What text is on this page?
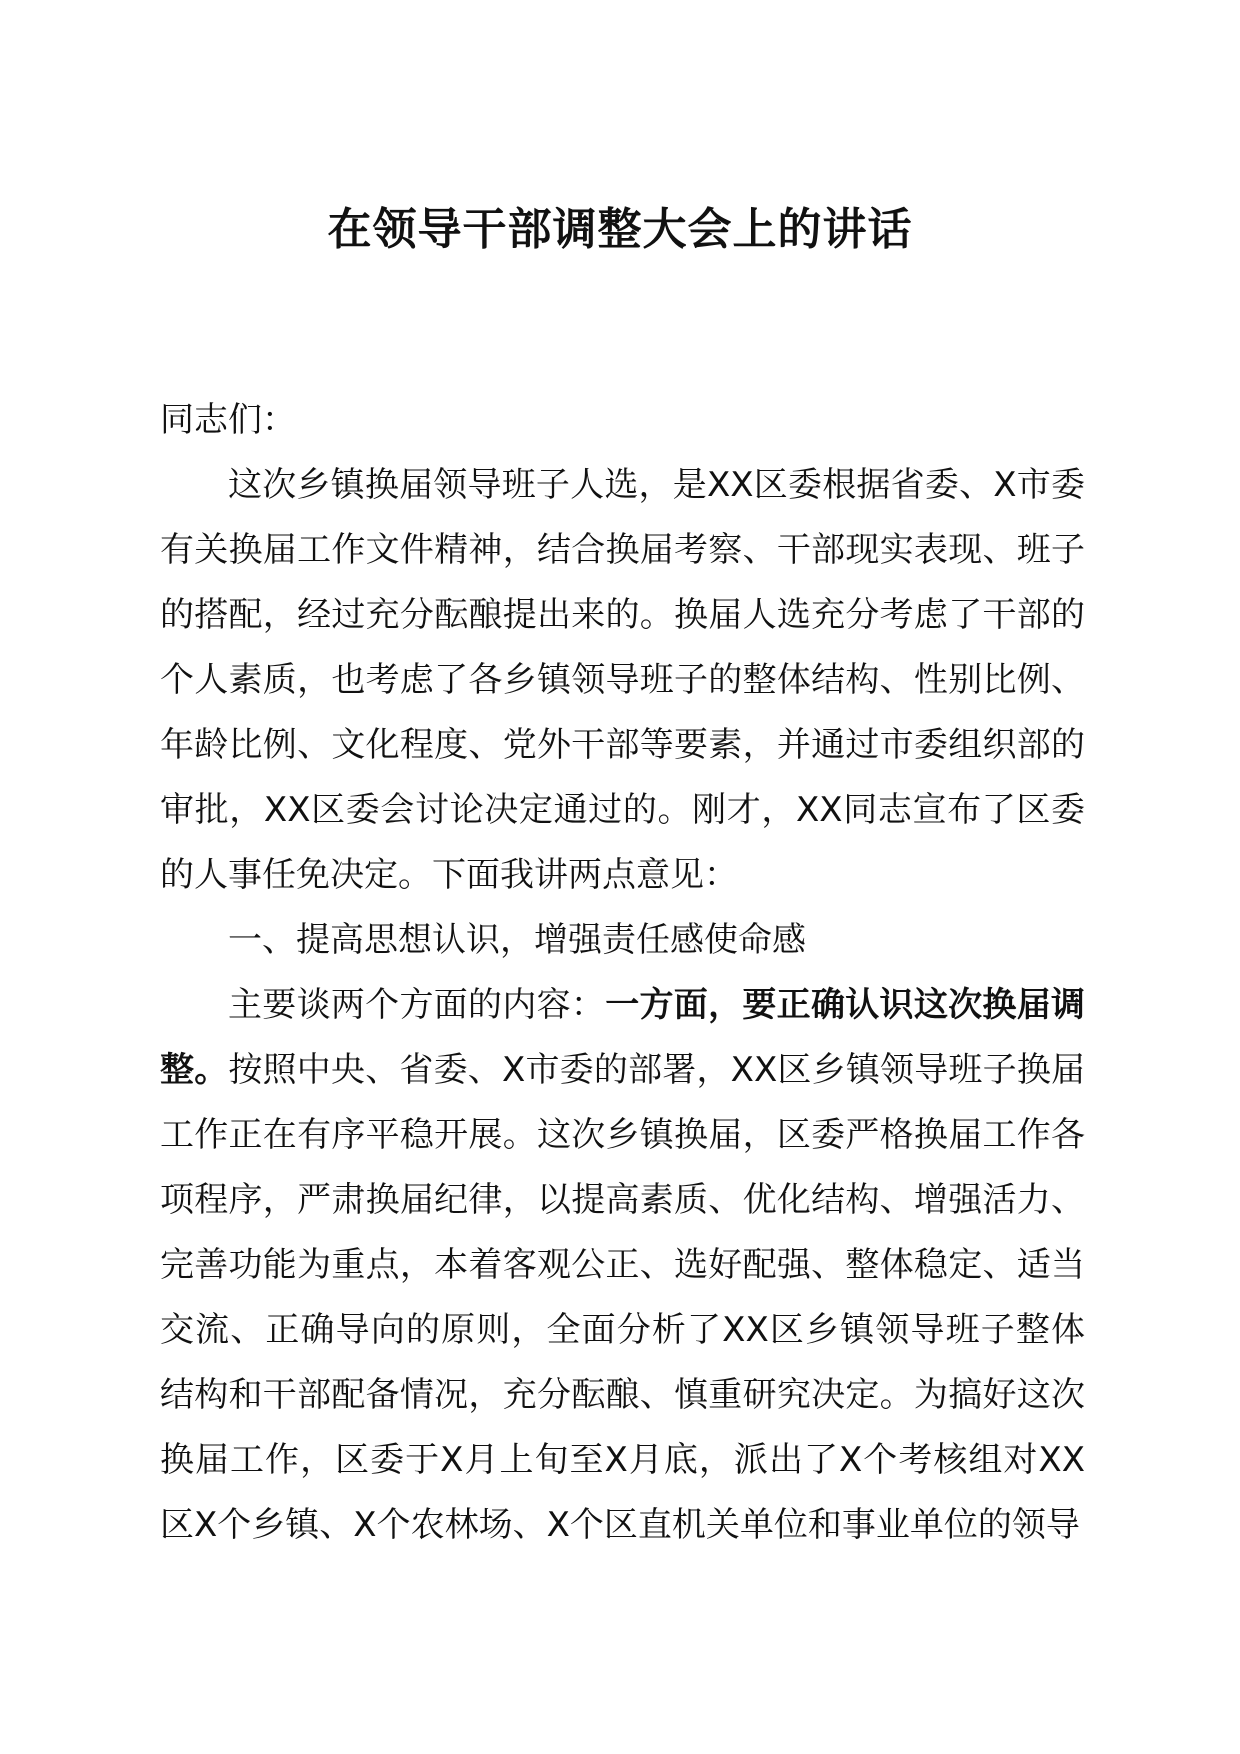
在领导干部调整大会上的讲话

同志们：

这次乡镇换届领导班子人选，是XX区委根据省委、X市委有关换届工作文件精神，结合换届考察、干部现实表现、班子的搭配，经过充分酝酿提出来的。换届人选充分考虑了干部的个人素质，也考虑了各乡镇领导班子的整体结构、性别比例、年龄比例、文化程度、党外干部等要素，并通过市委组织部的审批，XX区委会讨论决定通过的。刚才，XX同志宣布了区委的人事任免决定。下面我讲两点意见：

一、提高思想认识，增强责任感使命感

主要谈两个方面的内容：一方面，要正确认识这次换届调整。按照中央、省委、X市委的部署，XX区乡镇领导班子换届工作正在有序平稳开展。这次乡镇换届，区委严格换届工作各项程序，严肃换届纪律，以提高素质、优化结构、增强活力、完善功能为重点，本着客观公正、选好配强、整体稳定、适当交流、正确导向的原则，全面分析了XX区乡镇领导班子整体结构和干部配备情况，充分酝酿、慎重研究决定。为搞好这次换届工作，区委于X月上旬至X月底，派出了X个考核组对XX区X个乡镇、X个农林场、X个区直机关单位和事业单位的领导
